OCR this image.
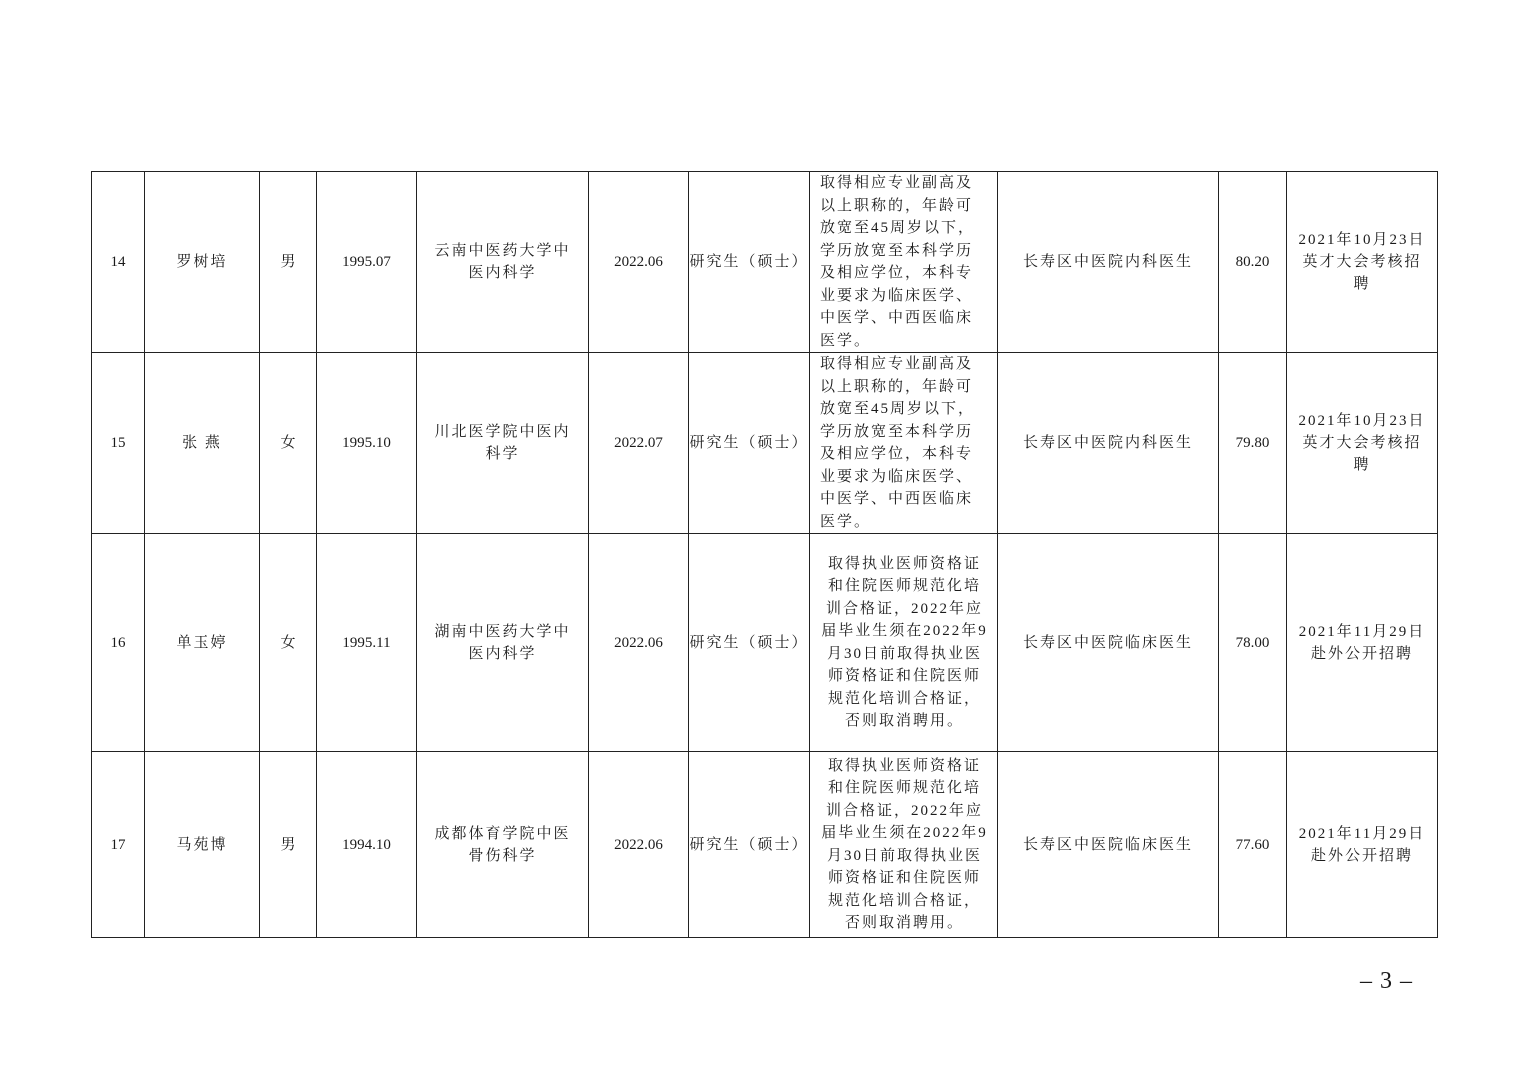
14	罗树培	男	1995.07	云南中医药大学中医内科学	2022.06	研究生（硕士）	取得相应专业副高及以上职称的，年龄可放宽至45周岁以下，学历放宽至本科学历及相应学位，本科专业要求为临床医学、中医学、中西医临床医学。	长寿区中医院内科医生	80.20	2021年10月23日英才大会考核招聘
15	张 燕	女	1995.10	川北医学院中医内科学	2022.07	研究生（硕士）	取得相应专业副高及以上职称的，年龄可放宽至45周岁以下，学历放宽至本科学历及相应学位，本科专业要求为临床医学、中医学、中西医临床医学。	长寿区中医院内科医生	79.80	2021年10月23日英才大会考核招聘
16	单玉婷	女	1995.11	湖南中医药大学中医内科学	2022.06	研究生（硕士）	取得执业医师资格证和住院医师规范化培训合格证，2022年应届毕业生须在2022年9月30日前取得执业医师资格证和住院医师规范化培训合格证，否则取消聘用。	长寿区中医院临床医生	78.00	2021年11月29日赴外公开招聘
17	马苑博	男	1994.10	成都体育学院中医骨伤科学	2022.06	研究生（硕士）	取得执业医师资格证和住院医师规范化培训合格证，2022年应届毕业生须在2022年9月30日前取得执业医师资格证和住院医师规范化培训合格证，否则取消聘用。	长寿区中医院临床医生	77.60	2021年11月29日赴外公开招聘
– 3 –
